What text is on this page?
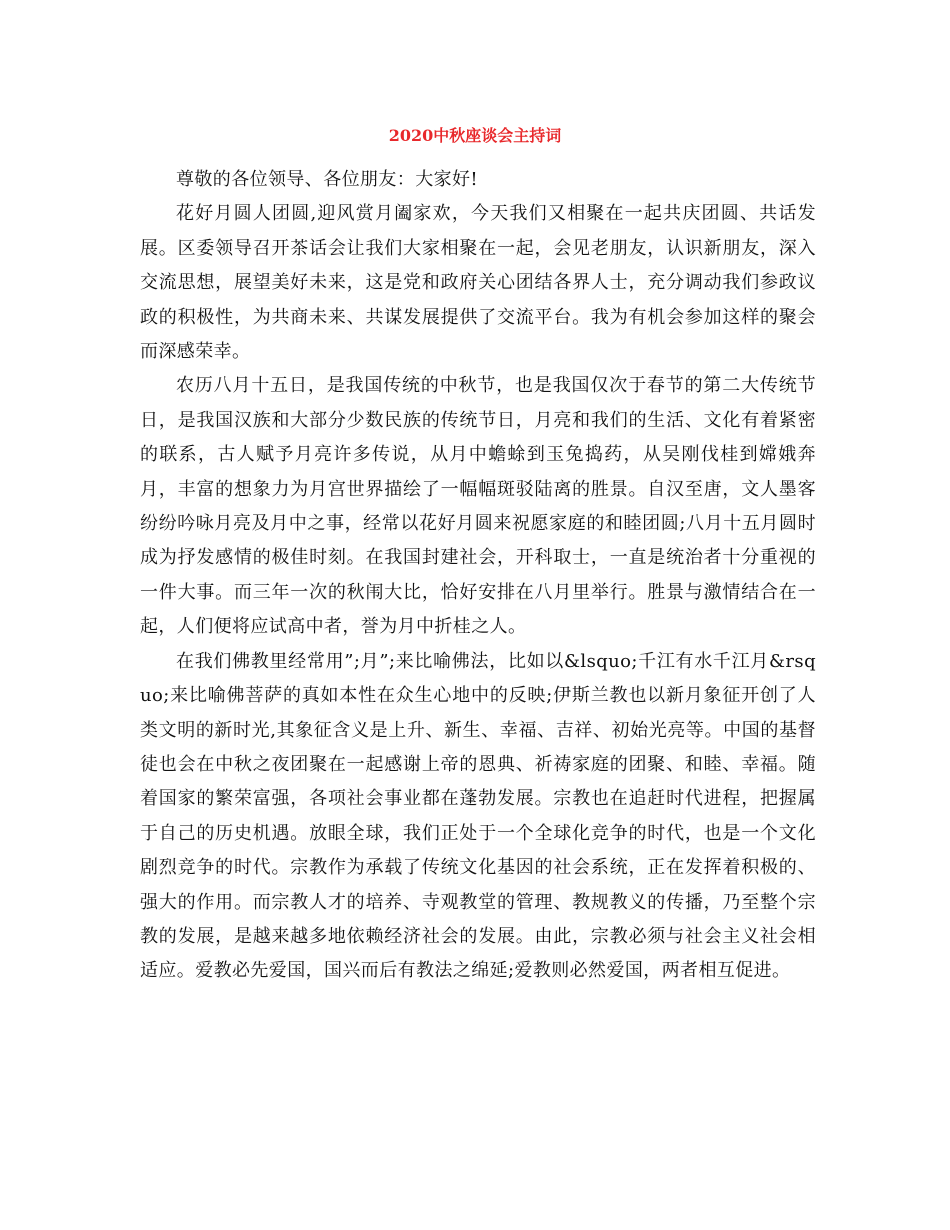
2020中秋座谈会主持词

尊敬的各位领导、各位朋友：大家好!

花好月圆人团圆,迎风赏月阖家欢，今天我们又相聚在一起共庆团圆、共话发展。区委领导召开茶话会让我们大家相聚在一起，会见老朋友，认识新朋友，深入交流思想，展望美好未来，这是党和政府关心团结各界人士，充分调动我们参政议政的积极性，为共商未来、共谋发展提供了交流平台。我为有机会参加这样的聚会而深感荣幸。

农历八月十五日，是我国传统的中秋节，也是我国仅次于春节的第二大传统节日，是我国汉族和大部分少数民族的传统节日，月亮和我们的生活、文化有着紧密的联系，古人赋予月亮许多传说，从月中蟾蜍到玉兔捣药，从吴刚伐桂到嫦娥奔月，丰富的想象力为月宫世界描绘了一幅幅斑驳陆离的胜景。自汉至唐，文人墨客纷纷吟咏月亮及月中之事，经常以花好月圆来祝愿家庭的和睦团圆;八月十五月圆时成为抒发感情的极佳时刻。在我国封建社会，开科取士，一直是统治者十分重视的一件大事。而三年一次的秋闱大比，恰好安排在八月里举行。胜景与激情结合在一起，人们便将应试高中者，誉为月中折桂之人。

在我们佛教里经常用”;月”;来比喻佛法，比如以&lsquo;千江有水千江月&rsquo;来比喻佛菩萨的真如本性在众生心地中的反映;伊斯兰教也以新月象征开创了人类文明的新时光,其象征含义是上升、新生、幸福、吉祥、初始光亮等。中国的基督徒也会在中秋之夜团聚在一起感谢上帝的恩典、祈祷家庭的团聚、和睦、幸福。随着国家的繁荣富强，各项社会事业都在蓬勃发展。宗教也在追赶时代进程，把握属于自己的历史机遇。放眼全球，我们正处于一个全球化竞争的时代，也是一个文化剧烈竞争的时代。宗教作为承载了传统文化基因的社会系统，正在发挥着积极的、强大的作用。而宗教人才的培养、寺观教堂的管理、教规教义的传播，乃至整个宗教的发展，是越来越多地依赖经济社会的发展。由此，宗教必须与社会主义社会相适应。爱教必先爱国，国兴而后有教法之绵延;爱教则必然爱国，两者相互促进。
